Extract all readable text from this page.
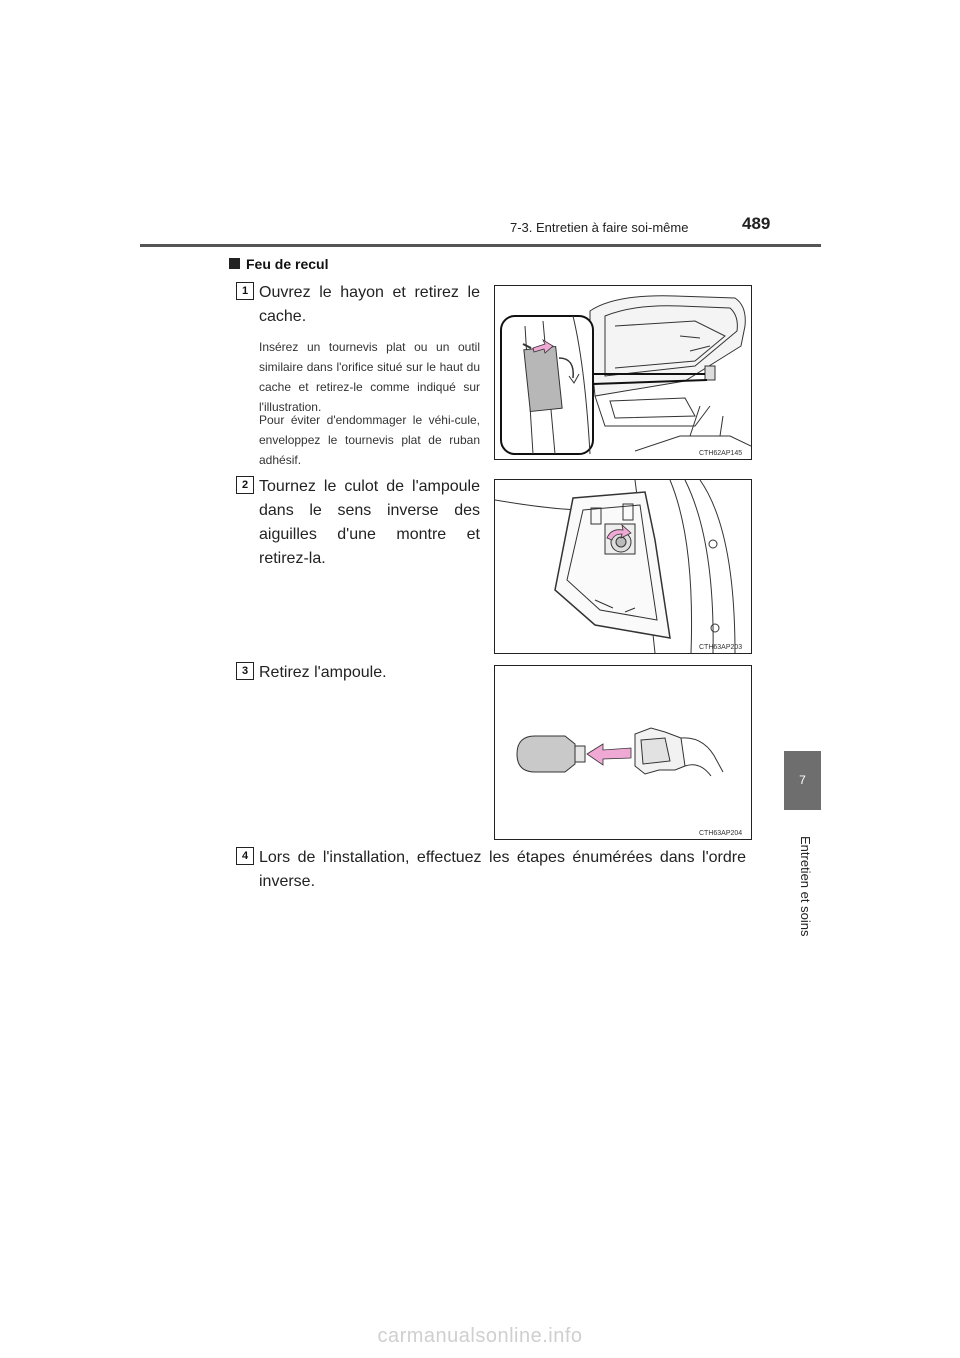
7-3. Entretien à faire soi-même	489
7
Entretien et soins
Feu de recul
1 Ouvrez le hayon et retirez le cache.
Insérez un tournevis plat ou un outil similaire dans l'orifice situé sur le haut du cache et retirez-le comme indiqué sur l'illustration.
Pour éviter d'endommager le véhi-cule, enveloppez le tournevis plat de ruban adhésif.	CTH62AP145
2 Tournez le culot de l'ampoule dans le sens inverse des aiguilles d'une montre et retirez-la.
CTH63AP203
3 Retirez l'ampoule.
CTH63AP204
4 Lors de l'installation, effectuez les étapes énumérées dans l'ordre inverse.
carmanualsonline.info
